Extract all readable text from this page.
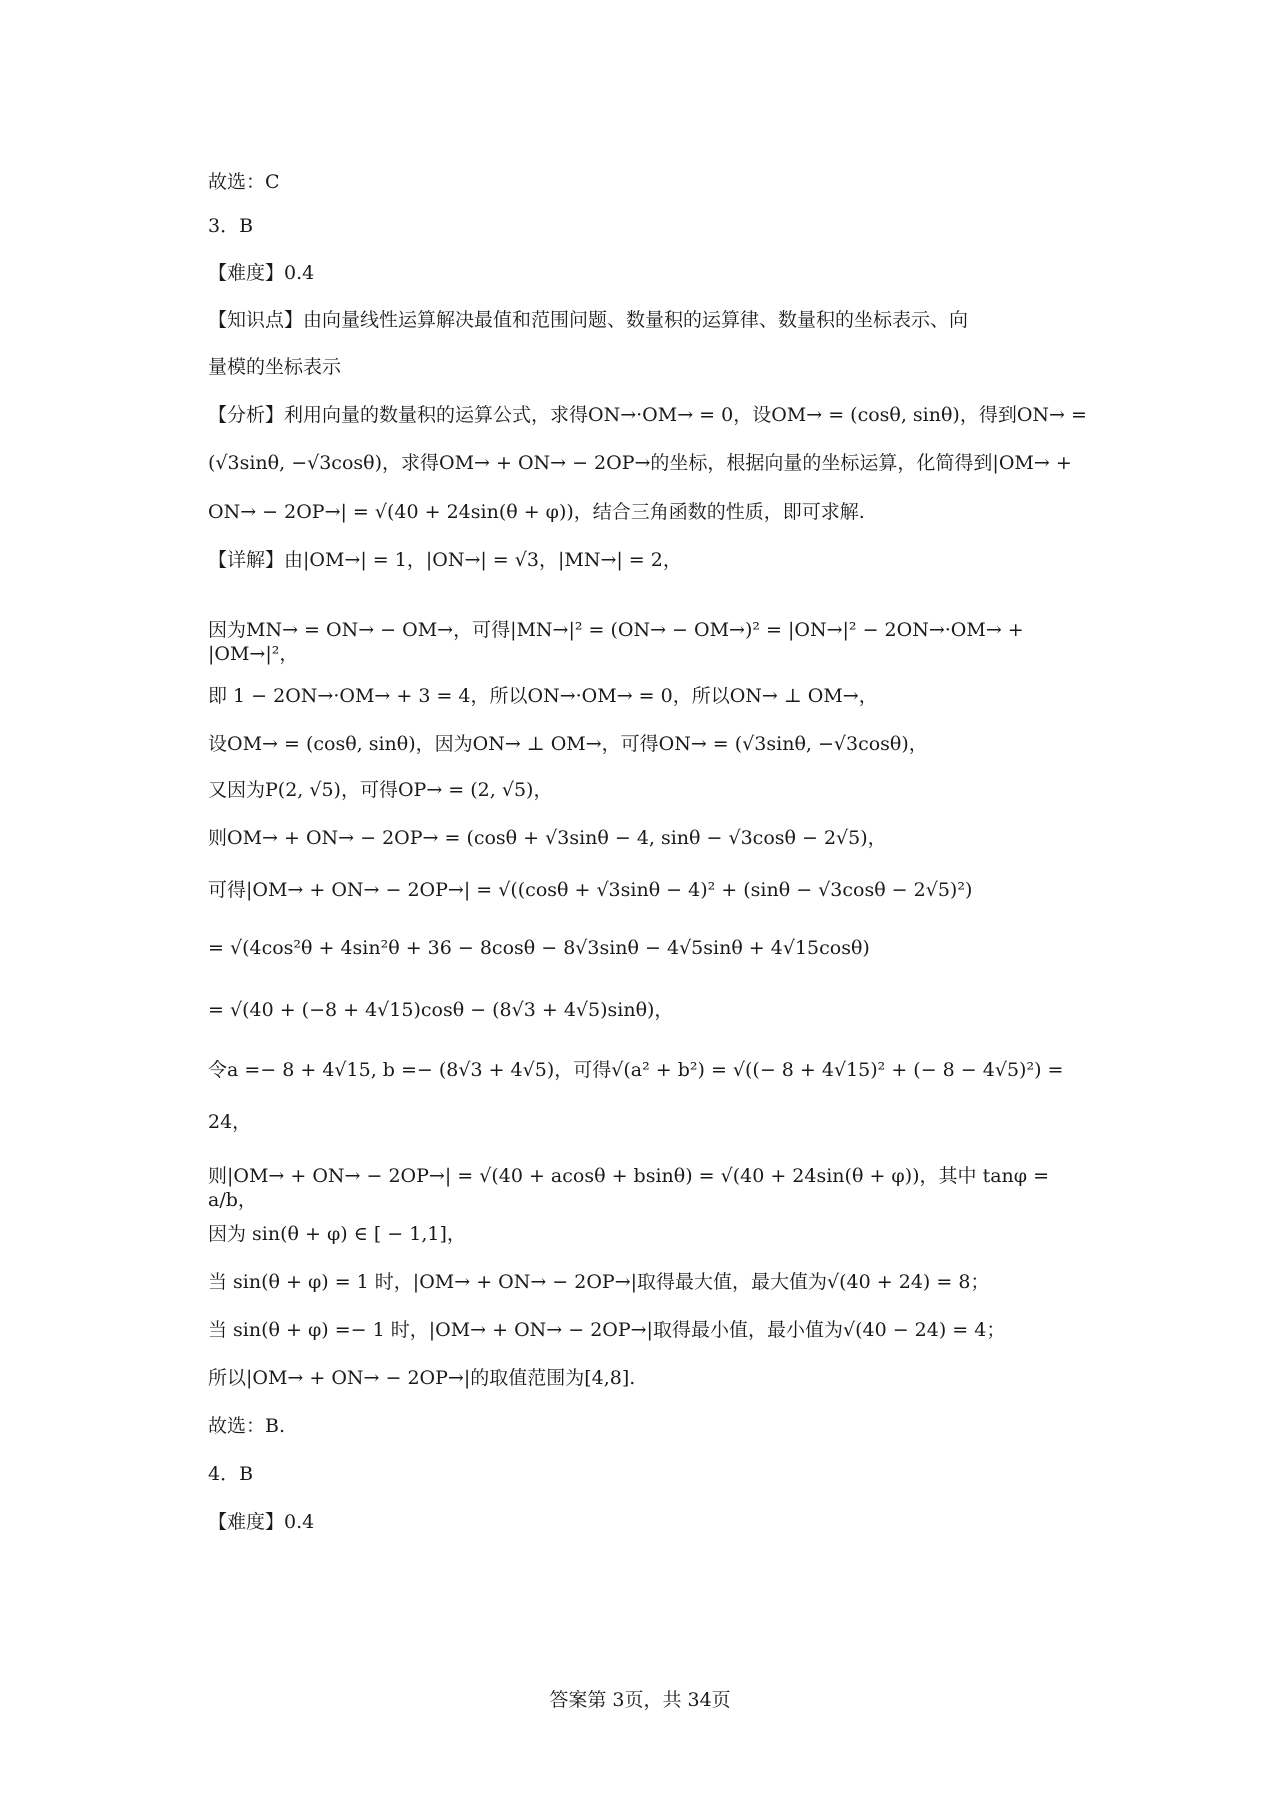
故选：C

3．B

【难度】0.4

【知识点】由向量线性运算解决最值和范围问题、数量积的运算律、数量积的坐标表示、向

量模的坐标表示

【分析】利用向量的数量积的运算公式，求得ON→·OM→ = 0，设OM→ = (cosθ, sinθ)，得到ON→ =

(√3sinθ, −√3cosθ)，求得OM→ + ON→ − 2OP→的坐标，根据向量的坐标运算，化简得到|OM→ +

ON→ − 2OP→| = √(40 + 24sin(θ + φ))，结合三角函数的性质，即可求解.

【详解】由|OM→| = 1，|ON→| = √3，|MN→| = 2，

因为MN→ = ON→ − OM→，可得|MN→|² = (ON→ − OM→)² = |ON→|² − 2ON→·OM→ + |OM→|²，

即 1 − 2ON→·OM→ + 3 = 4，所以ON→·OM→ = 0，所以ON→ ⊥ OM→，

设OM→ = (cosθ, sinθ)，因为ON→ ⊥ OM→，可得ON→ = (√3sinθ, −√3cosθ)，

又因为P(2, √5)，可得OP→ = (2, √5)，

则OM→ + ON→ − 2OP→ = (cosθ + √3sinθ − 4, sinθ − √3cosθ − 2√5)，

可得|OM→ + ON→ − 2OP→| = √((cosθ + √3sinθ − 4)² + (sinθ − √3cosθ − 2√5)²)

= √(4cos²θ + 4sin²θ + 36 − 8cosθ − 8√3sinθ − 4√5sinθ + 4√15cosθ)

= √(40 + (−8 + 4√15)cosθ − (8√3 + 4√5)sinθ)，

令a =− 8 + 4√15, b =− (8√3 + 4√5)，可得√(a² + b²) = √((− 8 + 4√15)² + (− 8 − 4√5)²) =

24，

则|OM→ + ON→ − 2OP→| = √(40 + acosθ + bsinθ) = √(40 + 24sin(θ + φ))，其中 tanφ = a/b，

因为 sin(θ + φ) ∈ [ − 1,1]，

当 sin(θ + φ) = 1 时，|OM→ + ON→ − 2OP→|取得最大值，最大值为√(40 + 24) = 8；

当 sin(θ + φ) =− 1 时，|OM→ + ON→ − 2OP→|取得最小值，最小值为√(40 − 24) = 4；

所以|OM→ + ON→ − 2OP→|的取值范围为[4,8].

故选：B.

4．B

【难度】0.4

答案第 3页，共 34页
